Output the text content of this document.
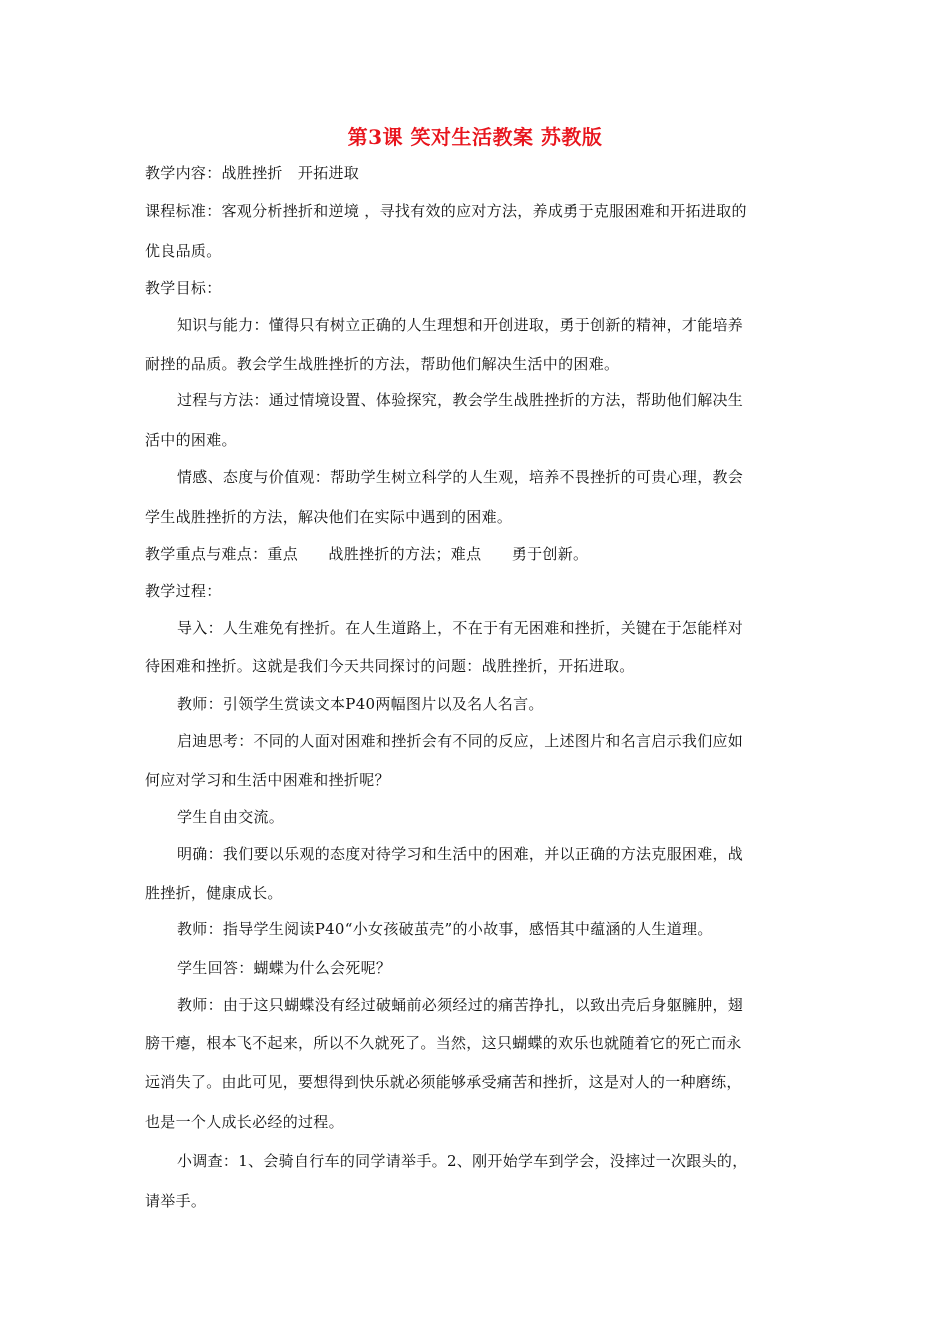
第3课 笑对生活教案 苏教版
教学内容：战胜挫折   开拓进取
课程标准：客观分析挫折和逆境 ，寻找有效的应对方法，养成勇于克服困难和开拓进取的
优良品质。
教学目标：
知识与能力：懂得只有树立正确的人生理想和开创进取，勇于创新的精神，才能培养
耐挫的品质。教会学生战胜挫折的方法，帮助他们解决生活中的困难。
过程与方法：通过情境设置、体验探究，教会学生战胜挫折的方法，帮助他们解决生
活中的困难。
情感、态度与价值观：帮助学生树立科学的人生观，培养不畏挫折的可贵心理，教会
学生战胜挫折的方法，解决他们在实际中遇到的困难。
教学重点与难点：重点      战胜挫折的方法；难点      勇于创新。
教学过程：
导入：人生难免有挫折。在人生道路上，不在于有无困难和挫折，关键在于怎能样对
待困难和挫折。这就是我们今天共同探讨的问题：战胜挫折，开拓进取。
教师：引领学生赏读文本P40两幅图片以及名人名言。
启迪思考：不同的人面对困难和挫折会有不同的反应，上述图片和名言启示我们应如
何应对学习和生活中困难和挫折呢？
学生自由交流。
明确：我们要以乐观的态度对待学习和生活中的困难，并以正确的方法克服困难，战
胜挫折，健康成长。
教师：指导学生阅读P40“小女孩破茧壳”的小故事，感悟其中蕴涵的人生道理。
学生回答：蝴蝶为什么会死呢？
教师：由于这只蝴蝶没有经过破蛹前必须经过的痛苦挣扎，以致出壳后身躯臃肿，翅
膀干瘪，根本飞不起来，所以不久就死了。当然，这只蝴蝶的欢乐也就随着它的死亡而永
远消失了。由此可见，要想得到快乐就必须能够承受痛苦和挫折，这是对人的一种磨练，
也是一个人成长必经的过程。
小调查：1、会骑自行车的同学请举手。2、刚开始学车到学会，没摔过一次跟头的，
请举手。
